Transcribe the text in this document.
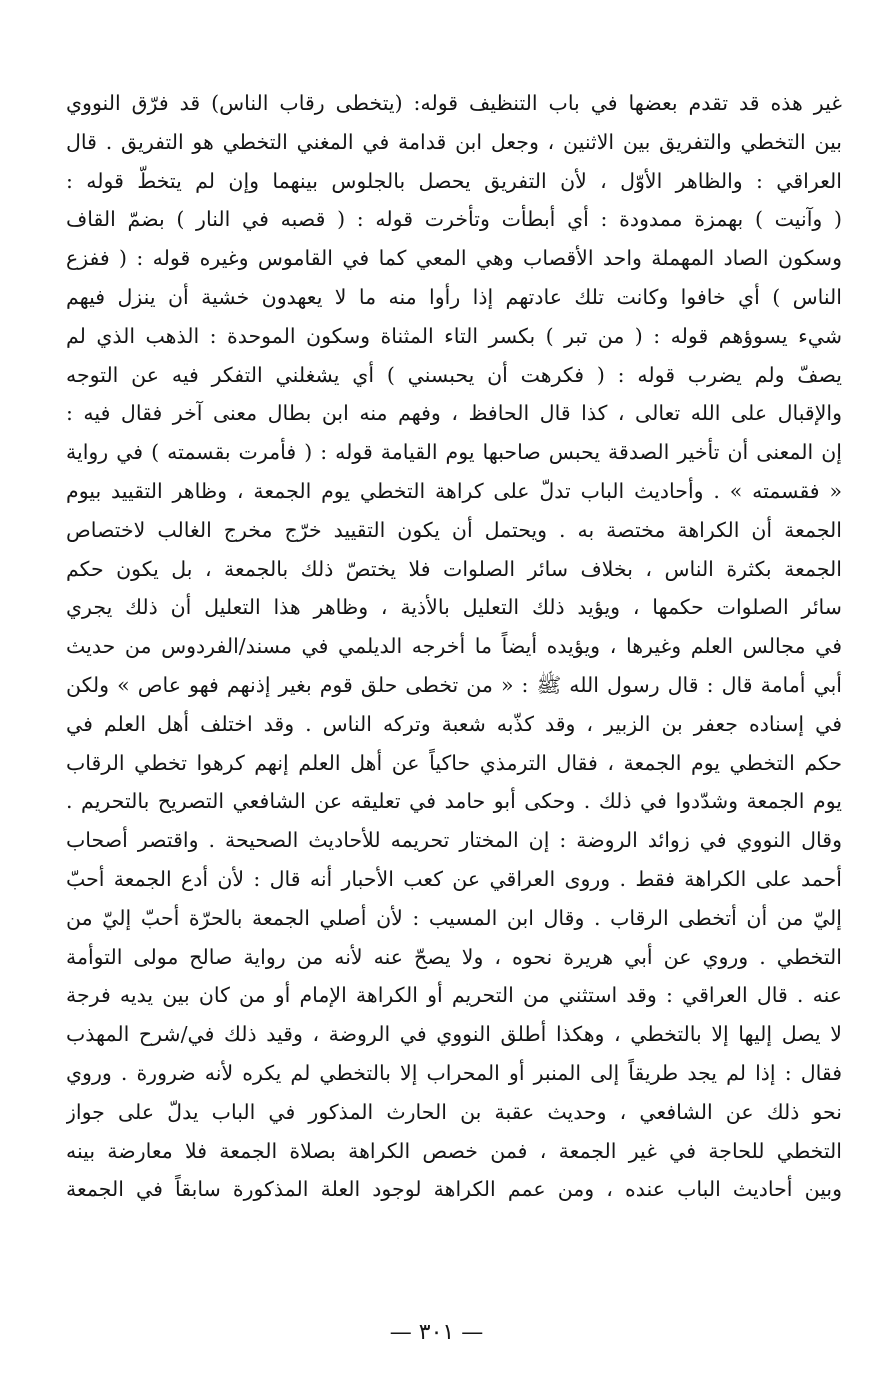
غير هذه قد تقدم بعضها في باب التنظيف قوله: (يتخطى رقاب الناس) قد فرّق النووي
بين التخطي والتفريق بين الاثنين ، وجعل ابن قدامة في المغني التخطي هو التفريق . قال
العراقي : والظاهر الأوّل ، لأن التفريق يحصل بالجلوس بينهما وإن لم يتخطّ قوله :
( وآنيت ) بهمزة ممدودة : أي أبطأت وتأخرت قوله : ( قصبه في النار ) بضمّ القاف
وسكون الصاد المهملة واحد الأقصاب وهي المعي كما في القاموس وغيره قوله : ( ففزع
الناس ) أي خافوا وكانت تلك عادتهم إذا رأوا منه ما لا يعهدون خشية أن ينزل فيهم
شيء يسوؤهم قوله : ( من تبر ) بكسر التاء المثناة وسكون الموحدة : الذهب الذي لم
يصفّ ولم يضرب قوله : ( فكرهت أن يحبسني ) أي يشغلني التفكر فيه عن التوجه
والإقبال على الله تعالى ، كذا قال الحافظ ، وفهم منه ابن بطال معنى آخر فقال فيه :
إن المعنى أن تأخير الصدقة يحبس صاحبها يوم القيامة قوله : ( فأمرت بقسمته ) في رواية
« فقسمته » . وأحاديث الباب تدلّ على كراهة التخطي يوم الجمعة ، وظاهر التقييد بيوم
الجمعة أن الكراهة مختصة به . ويحتمل أن يكون التقييد خرّج مخرج الغالب لاختصاص
الجمعة بكثرة الناس ، بخلاف سائر الصلوات فلا يختصّ ذلك بالجمعة ، بل يكون حكم
سائر الصلوات حكمها ، ويؤيد ذلك التعليل بالأذية ، وظاهر هذا التعليل أن ذلك يجري
في مجالس العلم وغيرها ، ويؤيده أيضاً ما أخرجه الديلمي في مسند/الفردوس من حديث
أبي أمامة قال : قال رسول الله ﷺ : « من تخطى حلق قوم بغير إذنهم فهو عاص » ولكن
في إسناده جعفر بن الزبير ، وقد كذّبه شعبة وتركه الناس . وقد اختلف أهل العلم في
حكم التخطي يوم الجمعة ، فقال الترمذي حاكياً عن أهل العلم إنهم كرهوا تخطي الرقاب
يوم الجمعة وشدّدوا في ذلك . وحكى أبو حامد في تعليقه عن الشافعي التصريح بالتحريم .
وقال النووي في زوائد الروضة : إن المختار تحريمه للأحاديث الصحيحة . واقتصر أصحاب
أحمد على الكراهة فقط . وروى العراقي عن كعب الأحبار أنه قال : لأن أدع الجمعة أحبّ
إليّ من أن أتخطى الرقاب . وقال ابن المسيب : لأن أصلي الجمعة بالحرّة أحبّ إليّ من
التخطي . وروي عن أبي هريرة نحوه ، ولا يصحّ عنه لأنه من رواية صالح مولى التوأمة
عنه . قال العراقي : وقد استثني من التحريم أو الكراهة الإمام أو من كان بين يديه فرجة
لا يصل إليها إلا بالتخطي ، وهكذا أطلق النووي في الروضة ، وقيد ذلك في/شرح المهذب
فقال : إذا لم يجد طريقاً إلى المنبر أو المحراب إلا بالتخطي لم يكره لأنه ضرورة . وروي
نحو ذلك عن الشافعي ، وحديث عقبة بن الحارث المذكور في الباب يدلّ على جواز
التخطي للحاجة في غير الجمعة ، فمن خصص الكراهة بصلاة الجمعة فلا معارضة بينه
وبين أحاديث الباب عنده ، ومن عمم الكراهة لوجود العلة المذكورة سابقاً في الجمعة
— ٣٠١ —
